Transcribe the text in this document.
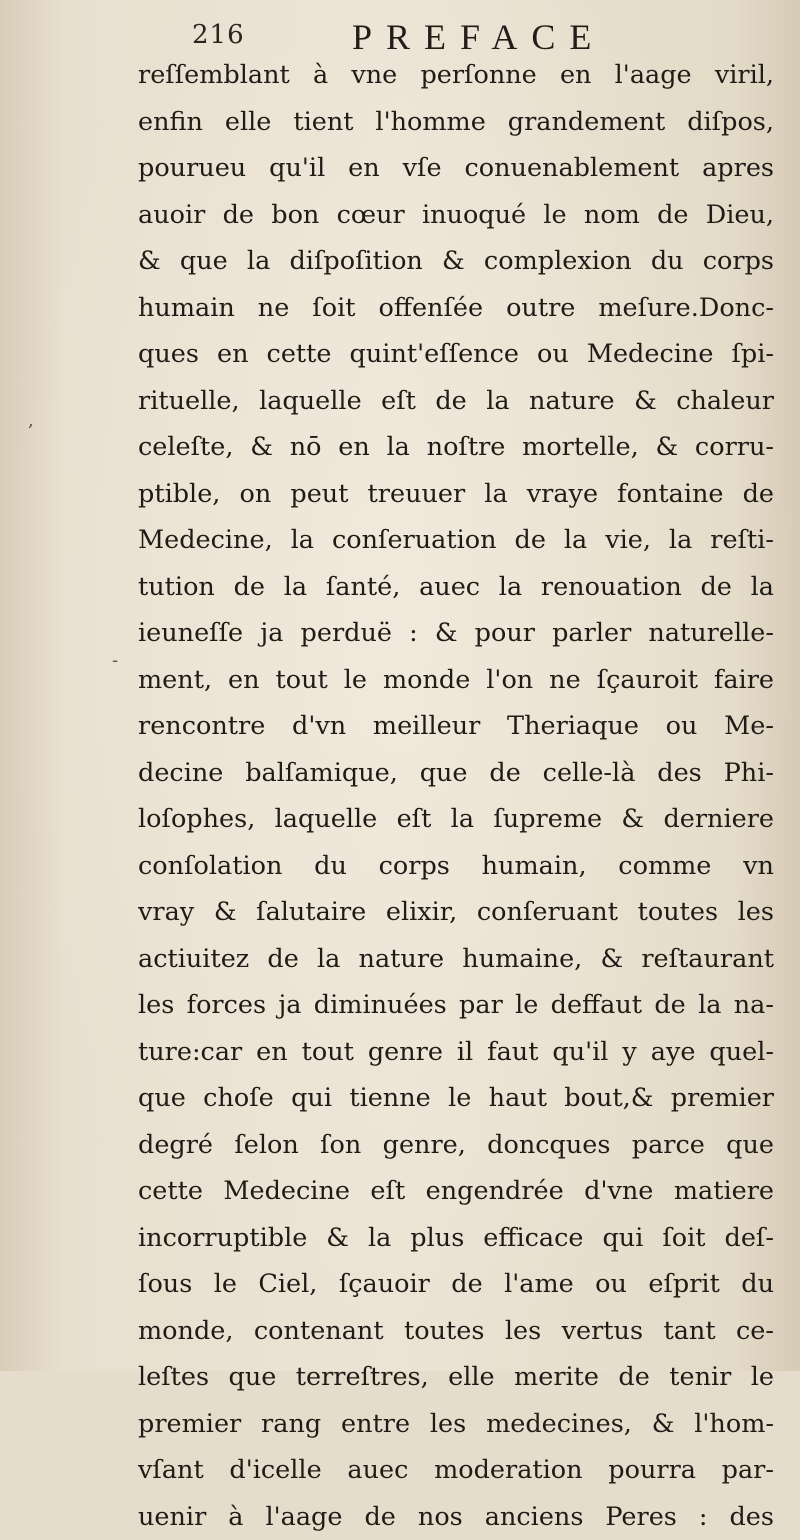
216	PREFACE
,
-
reſſemblant à vne perſonne en l'aage viril,
enfin elle tient l'homme grandement diſpos,
pourueu qu'il en vſe conuenablement apres
auoir de bon cœur inuoqué le nom de Dieu,
& que la diſpoſition & complexion du corps
humain ne ſoit offenſée outre meſure.Donc-
ques en cette quint'eſſence ou Medecine ſpi-
rituelle, laquelle eſt de la nature & chaleur
celeſte, & nō en la noſtre mortelle, & corru-
ptible, on peut treuuer la vraye fontaine de
Medecine, la conſeruation de la vie, la reſti-
tution de la ſanté, auec la renouation de la
ieuneſſe ja perduë : & pour parler naturelle-
ment, en tout le monde l'on ne ſçauroit faire
rencontre d'vn meilleur Theriaque ou Me-
decine balſamique, que de celle-là des Phi-
loſophes, laquelle eſt la ſupreme & derniere
conſolation du corps humain, comme vn
vray & ſalutaire elixir, conſeruant toutes les
actiuitez de la nature humaine, & reſtaurant
les forces ja diminuées par le deffaut de la na-
ture:car en tout genre il faut qu'il y aye quel-
que choſe qui tienne le haut bout,& premier
degré ſelon ſon genre, doncques parce que
cette Medecine eſt engendrée d'vne matiere
incorruptible & la plus efficace qui ſoit deſ-
ſous le Ciel, ſçauoir de l'ame ou eſprit du
monde, contenant toutes les vertus tant ce-
leſtes que terreſtres, elle merite de tenir le
premier rang entre les medecines, & l'hom-
vſant d'icelle auec moderation pourra par-
uenir à l'aage de nos anciens Peres : des
